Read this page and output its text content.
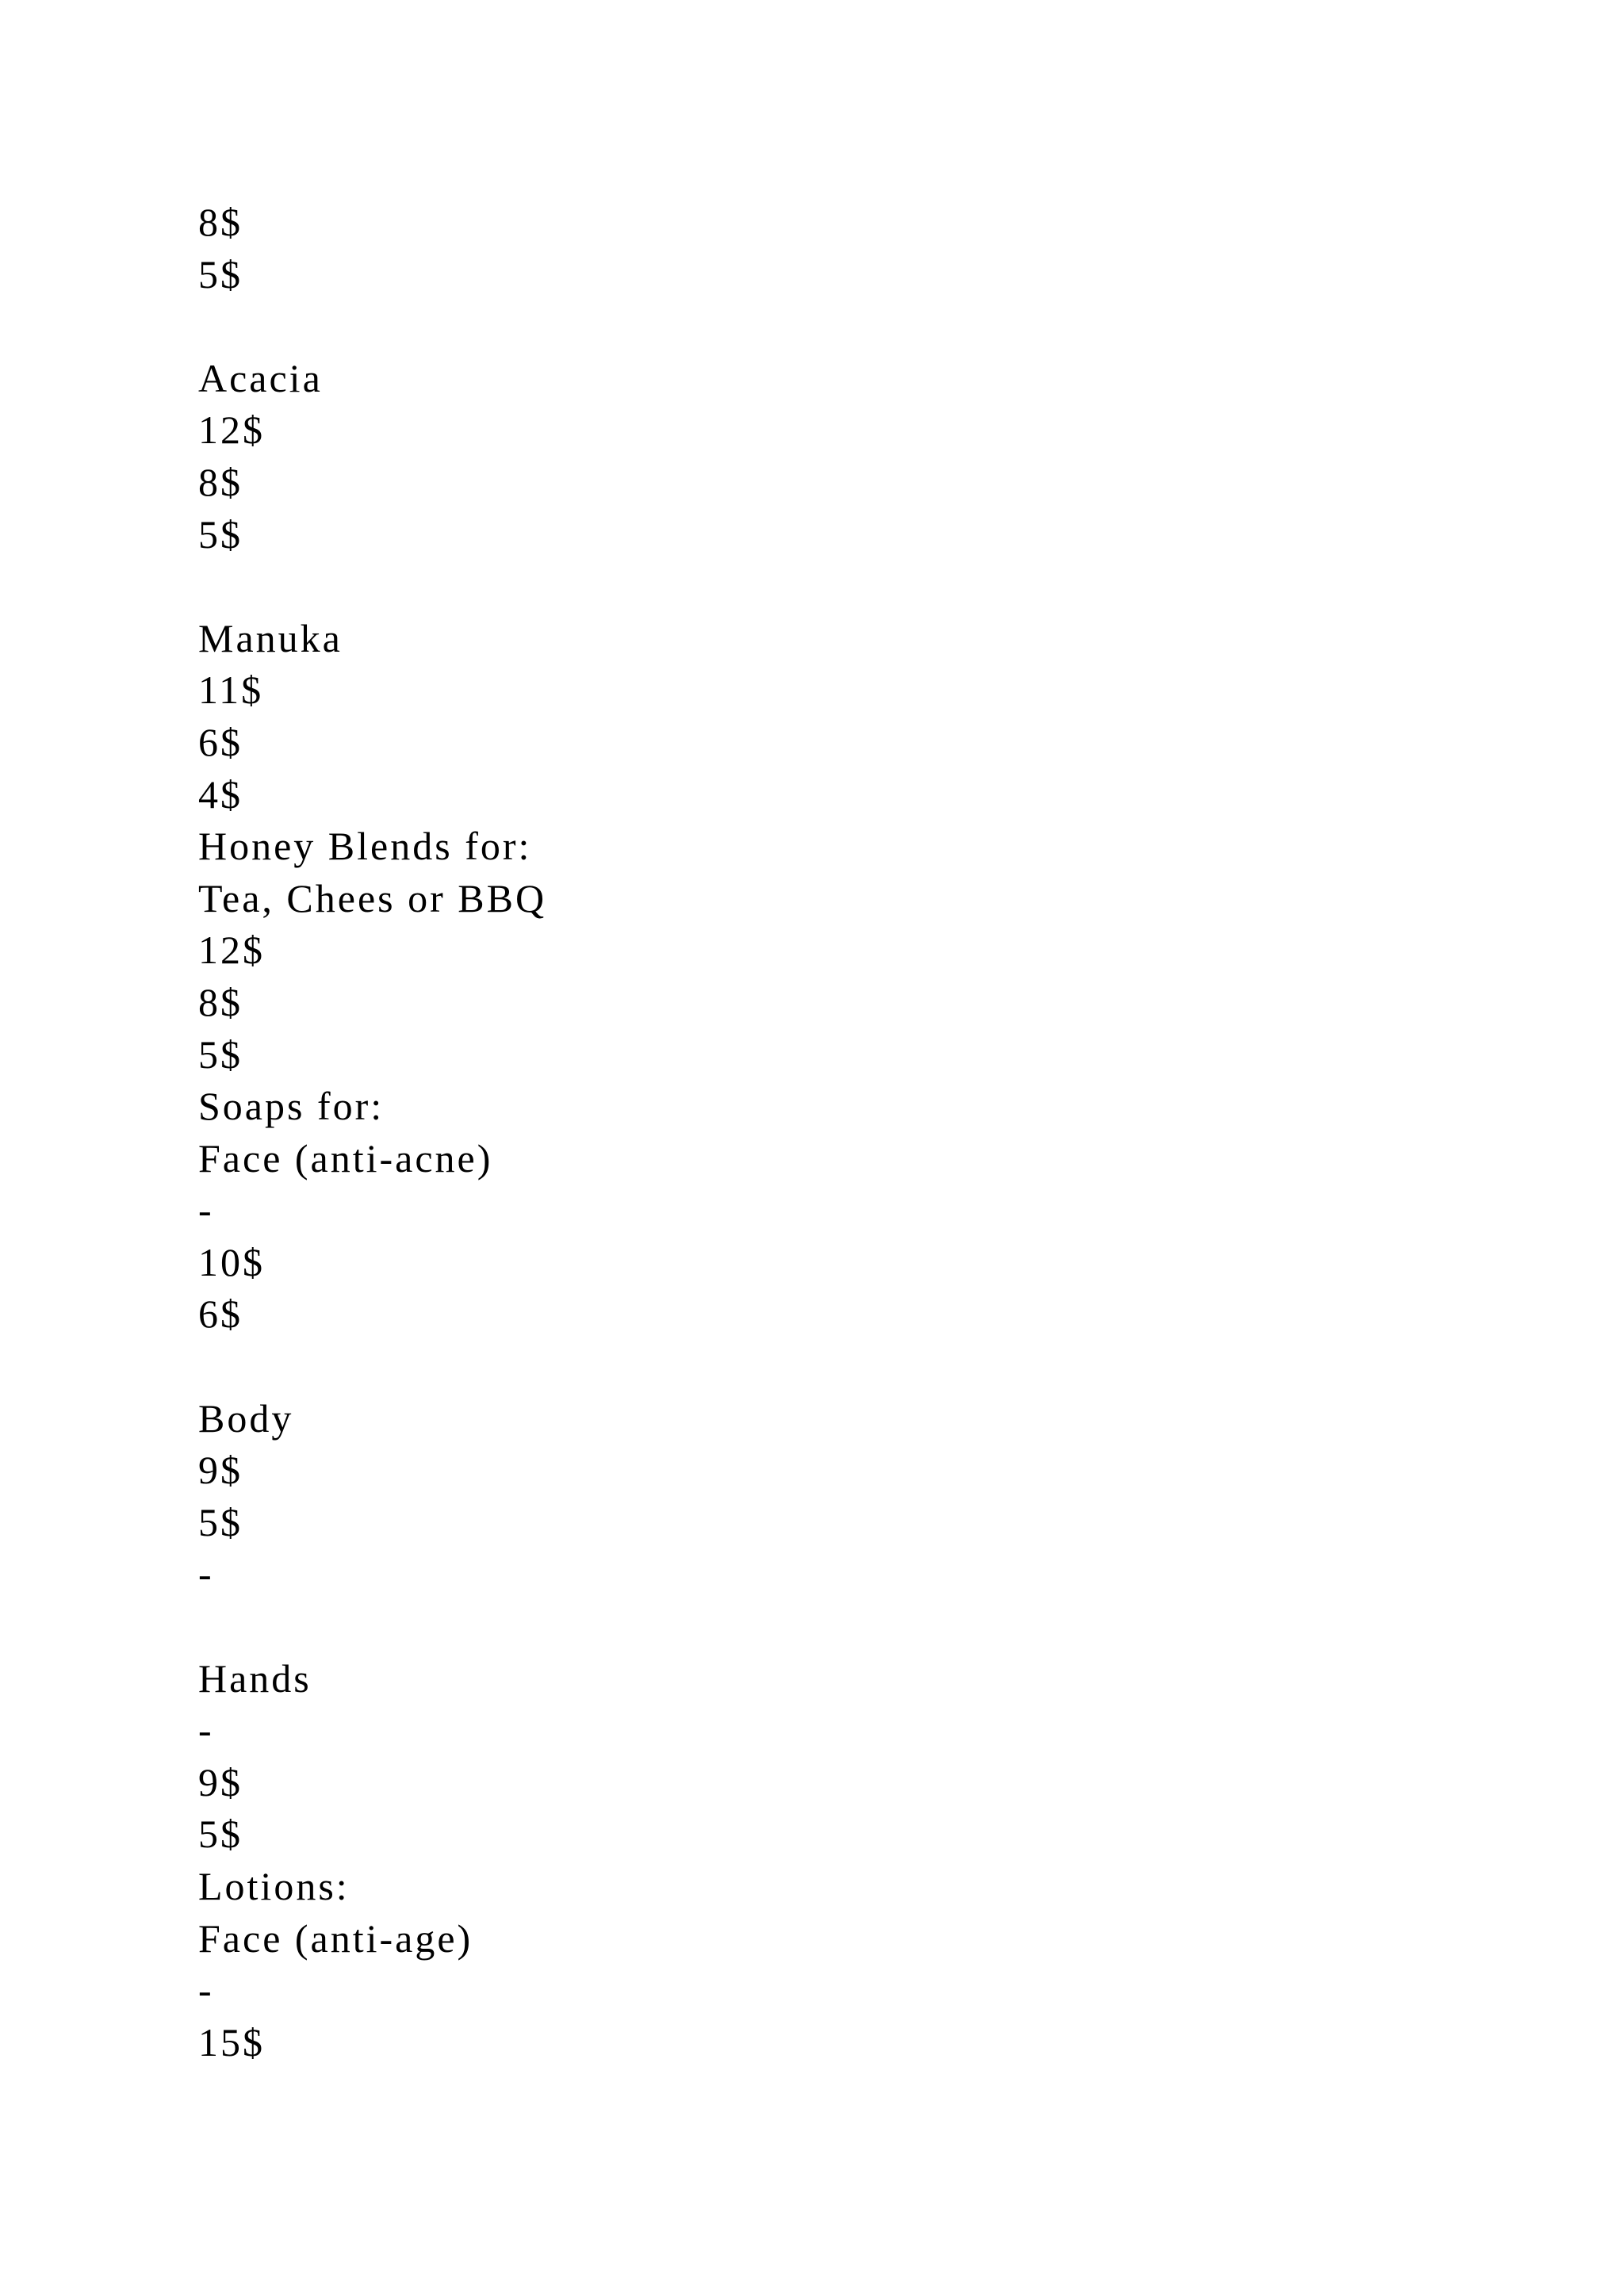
8$
5$
Acacia
12$
8$
5$
Manuka
11$
6$
4$
Honey Blends for:
Tea, Chees or BBQ
12$
8$
5$
Soaps for:
Face (anti-acne)
-
10$
6$
Body
9$
5$
-
Hands
-
9$
5$
Lotions:
Face (anti-age)
-
15$
